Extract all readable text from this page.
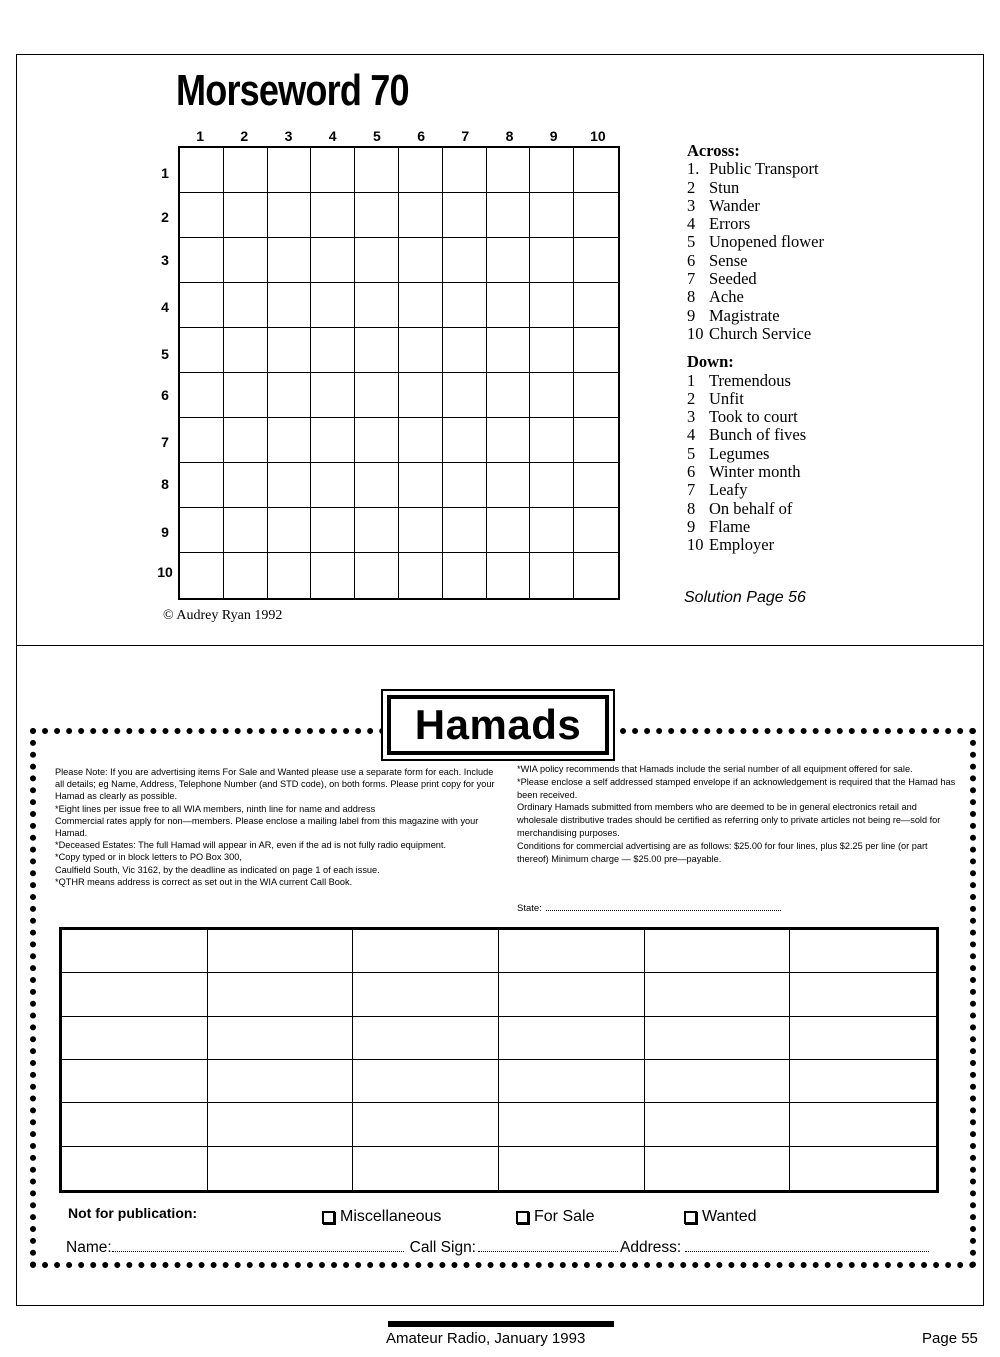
Morseword 70
1	2	3	4	5	6	7	8	9	10
1
2
3
4
5
6
7
8
9
10
© Audrey Ryan 1992
Across:
1. Public Transport
2 Stun
3 Wander
4 Errors
5 Unopened flower
6 Sense
7 Seeded
8 Ache
9 Magistrate
10 Church Service
Down:
1 Tremendous
2 Unfit
3 Took to court
4 Bunch of fives
5 Legumes
6 Winter month
7 Leafy
8 On behalf of
9 Flame
10 Employer
Solution Page 56
Hamads

Please Note: If you are advertising items For Sale and Wanted please use a separate form for each. Include all details; eg Name, Address, Telephone Number (and STD code), on both forms. Please print copy for your Hamad as clearly as possible.

*Eight lines per issue free to all WIA members, ninth line for name and address

Commercial rates apply for non—members. Please enclose a mailing label from this magazine with your Hamad.

*Deceased Estates: The full Hamad will appear in AR, even if the ad is not fully radio equipment.

*Copy typed or in block letters to PO Box 300,

Caulfield South, Vic 3162, by the deadline as indicated on page 1 of each issue.

*QTHR means address is correct as set out in the WIA current Call Book.

*WIA policy recommends that Hamads include the serial number of all equipment offered for sale.

*Please enclose a self addressed stamped envelope if an acknowledgement is required that the Hamad has been received.

Ordinary Hamads submitted from members who are deemed to be in general electronics retail and wholesale distributive trades should be certified as referring only to private articles not being re—sold for merchandising purposes.

Conditions for commercial advertising are as follows: $25.00 for four lines, plus $2.25 per line (or part thereof) Minimum charge — $25.00 pre—payable.

State:
Not for publication:	Miscellaneous	For Sale	Wanted
Name:	Call Sign:	Address:
Amateur Radio, January 1993	Page 55
